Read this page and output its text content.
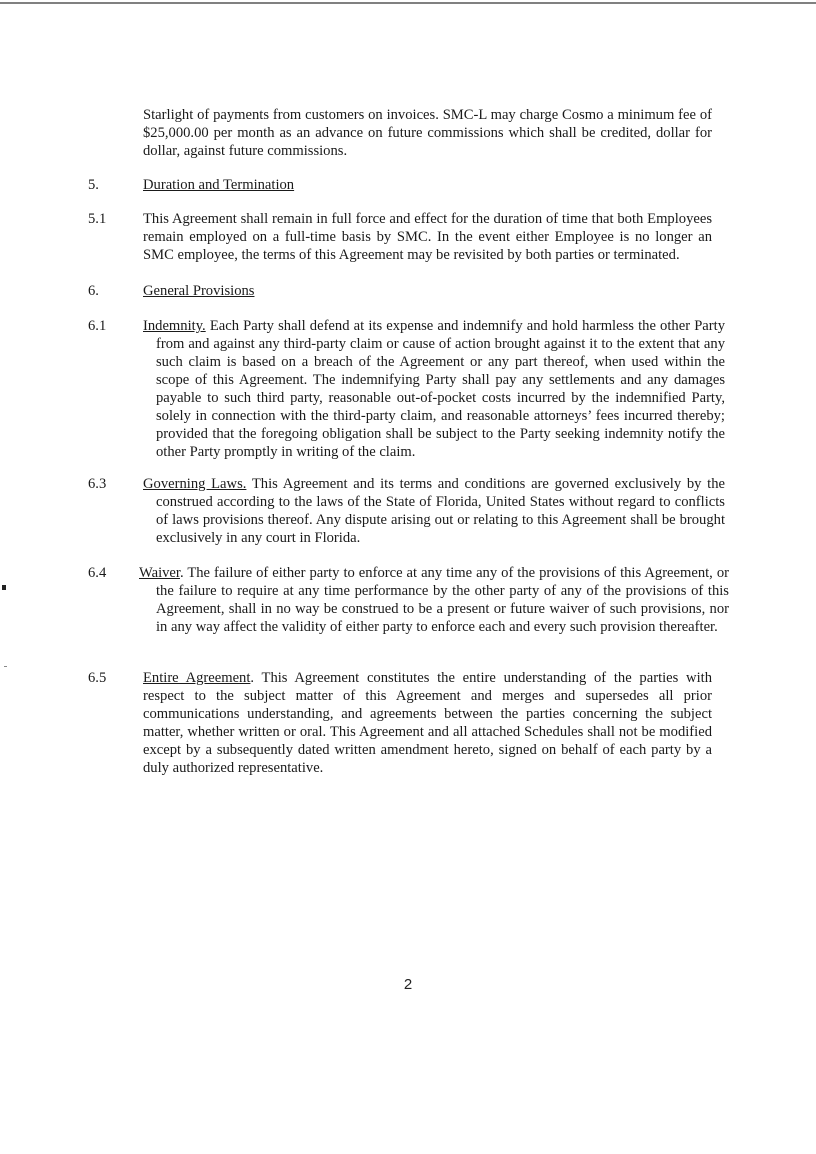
Starlight of payments from customers on invoices. SMC-L may charge Cosmo a minimum fee of $25,000.00 per month as an advance on future commissions which shall be credited, dollar for dollar, against future commissions.
5.	Duration and Termination
5.1	This Agreement shall remain in full force and effect for the duration of time that both Employees remain employed on a full-time basis by SMC. In the event either Employee is no longer an SMC employee, the terms of this Agreement may be revisited by both parties or terminated.
6.	General Provisions
6.1	Indemnity. Each Party shall defend at its expense and indemnify and hold harmless the other Party from and against any third-party claim or cause of action brought against it to the extent that any such claim is based on a breach of the Agreement or any part thereof, when used within the scope of this Agreement. The indemnifying Party shall pay any settlements and any damages payable to such third party, reasonable out-of-pocket costs incurred by the indemnified Party, solely in connection with the third-party claim, and reasonable attorneys’ fees incurred thereby; provided that the foregoing obligation shall be subject to the Party seeking indemnity notify the other Party promptly in writing of the claim.
6.3	Governing Laws. This Agreement and its terms and conditions are governed exclusively by the construed according to the laws of the State of Florida, United States without regard to conflicts of laws provisions thereof. Any dispute arising out or relating to this Agreement shall be brought exclusively in any court in Florida.
6.4 Waiver. The failure of either party to enforce at any time any of the provisions of this Agreement, or the failure to require at any time performance by the other party of any of the provisions of this Agreement, shall in no way be construed to be a present or future waiver of such provisions, nor in any way affect the validity of either party to enforce each and every such provision thereafter.
6.5	Entire Agreement. This Agreement constitutes the entire understanding of the parties with respect to the subject matter of this Agreement and merges and supersedes all prior communications understanding, and agreements between the parties concerning the subject matter, whether written or oral. This Agreement and all attached Schedules shall not be modified except by a subsequently dated written amendment hereto, signed on behalf of each party by a duly authorized representative.
2
